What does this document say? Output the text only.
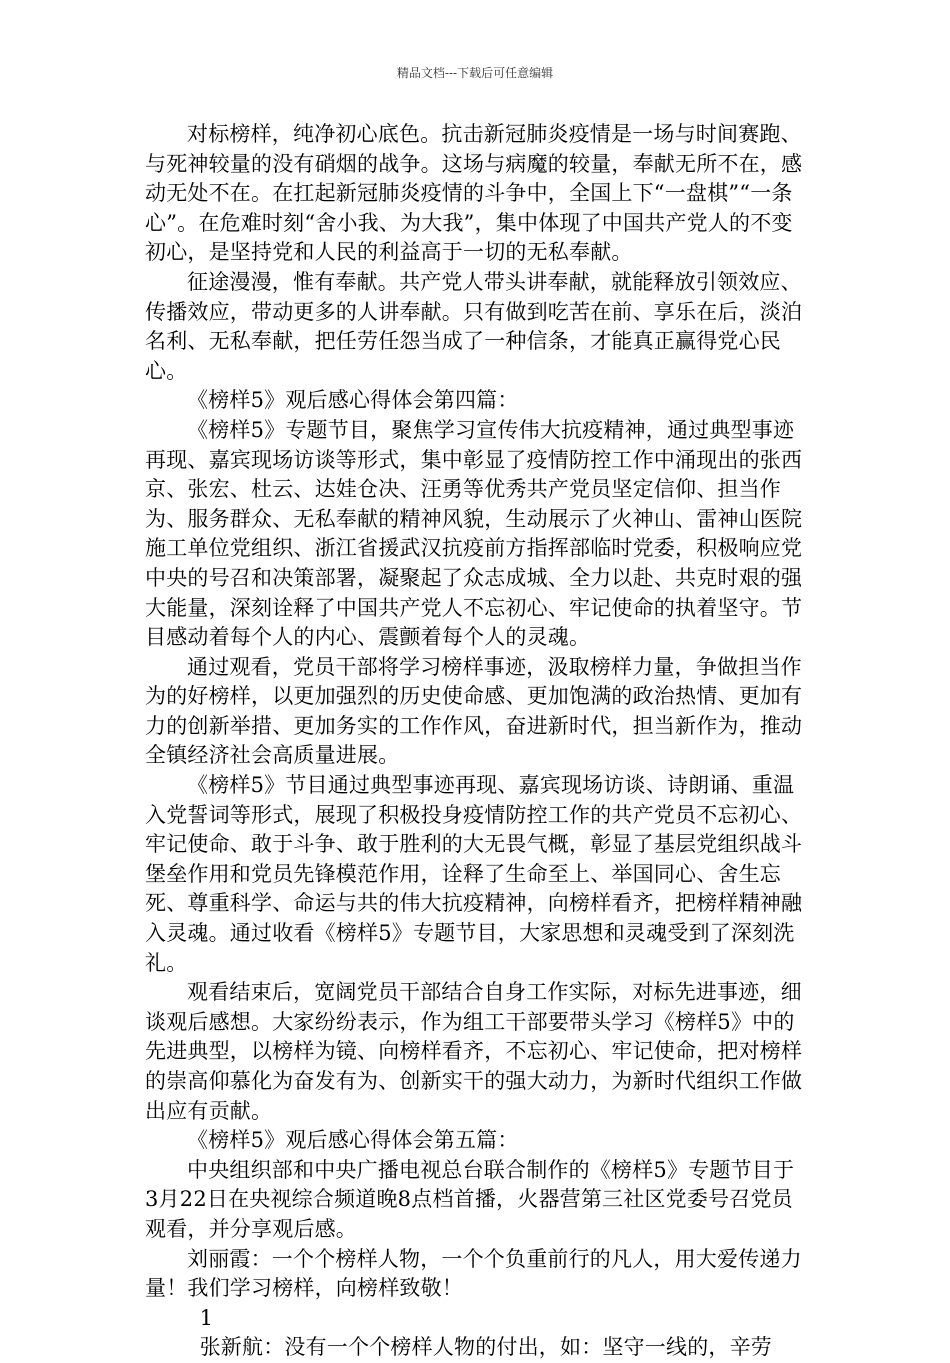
精品文档---下载后可任意编辑

对标榜样，纯净初心底色。抗击新冠肺炎疫情是一场与时间赛跑、与死神较量的没有硝烟的战争。这场与病魔的较量，奉献无所不在，感动无处不在。在扛起新冠肺炎疫情的斗争中，全国上下“一盘棋”“一条心”。在危难时刻“舍小我、为大我”，集中体现了中国共产党人的不变初心，是坚持党和人民的利益高于一切的无私奉献。

征途漫漫，惟有奉献。共产党人带头讲奉献，就能释放引领效应、传播效应，带动更多的人讲奉献。只有做到吃苦在前、享乐在后，淡泊名利、无私奉献，把任劳任怨当成了一种信条，才能真正赢得党心民心。

《榜样5》观后感心得体会第四篇：

《榜样5》专题节目，聚焦学习宣传伟大抗疫精神，通过典型事迹再现、嘉宾现场访谈等形式，集中彰显了疫情防控工作中涌现出的张西京、张宏、杜云、达娃仓决、汪勇等优秀共产党员坚定信仰、担当作为、服务群众、无私奉献的精神风貌，生动展示了火神山、雷神山医院施工单位党组织、浙江省援武汉抗疫前方指挥部临时党委，积极响应党中央的号召和决策部署，凝聚起了众志成城、全力以赴、共克时艰的强大能量，深刻诠释了中国共产党人不忘初心、牢记使命的执着坚守。节目感动着每个人的内心、震颤着每个人的灵魂。

通过观看，党员干部将学习榜样事迹，汲取榜样力量，争做担当作为的好榜样，以更加强烈的历史使命感、更加饱满的政治热情、更加有力的创新举措、更加务实的工作作风，奋进新时代，担当新作为，推动全镇经济社会高质量进展。

《榜样5》节目通过典型事迹再现、嘉宾现场访谈、诗朗诵、重温入党誓词等形式，展现了积极投身疫情防控工作的共产党员不忘初心、牢记使命、敢于斗争、敢于胜利的大无畏气概，彰显了基层党组织战斗堡垒作用和党员先锋模范作用，诠释了生命至上、举国同心、舍生忘死、尊重科学、命运与共的伟大抗疫精神，向榜样看齐，把榜样精神融入灵魂。通过收看《榜样5》专题节目，大家思想和灵魂受到了深刻洗礼。

观看结束后，宽阔党员干部结合自身工作实际，对标先进事迹，细谈观后感想。大家纷纷表示，作为组工干部要带头学习《榜样5》中的先进典型，以榜样为镜、向榜样看齐，不忘初心、牢记使命，把对榜样的崇高仰慕化为奋发有为、创新实干的强大动力，为新时代组织工作做出应有贡献。

《榜样5》观后感心得体会第五篇：

中央组织部和中央广播电视总台联合制作的《榜样5》专题节目于3月22日在央视综合频道晚8点档首播，火器营第三社区党委号召党员观看，并分享观后感。

刘丽霞：一个个榜样人物，一个个负重前行的凡人，用大爱传递力量！我们学习榜样，向榜样致敬！

1

张新航：没有一个个榜样人物的付出，如：坚守一线的，辛劳
